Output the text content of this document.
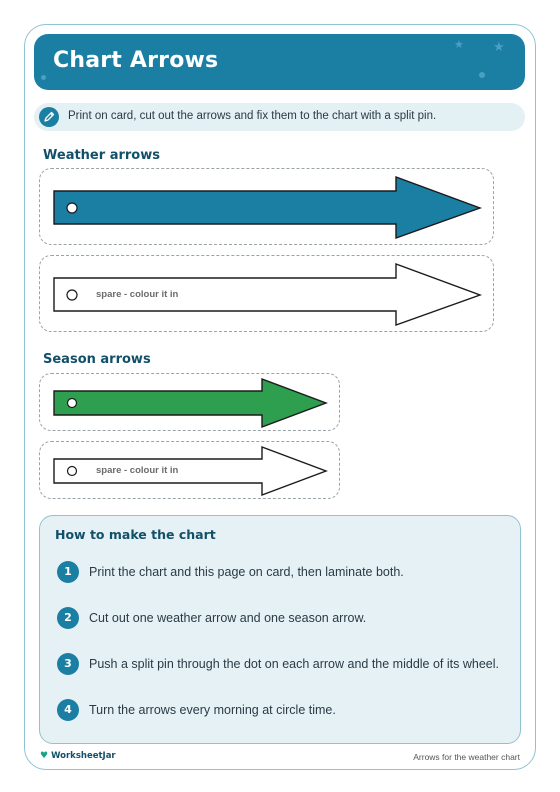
Chart Arrows
★ ★
Print on card, cut out the arrows and fix them to the chart with a split pin.
Weather arrows
spare - colour it in
Season arrows
spare - colour it in
How to make the chart
1	Print the chart and this page on card, then laminate both.
2	Cut out one weather arrow and one season arrow.
3	Push a split pin through the dot on each arrow and the middle of its wheel.
4	Turn the arrows every morning at circle time.
♥ WorksheetJar	Arrows for the weather chart
